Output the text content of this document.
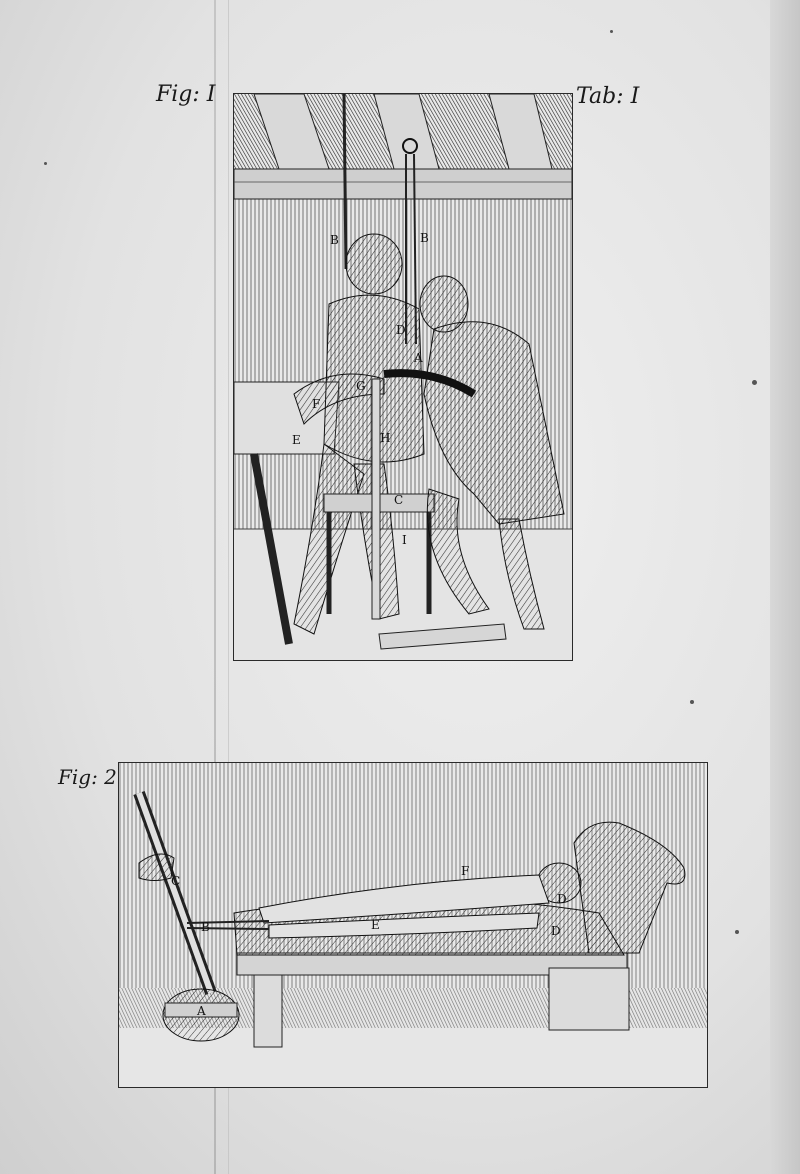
Fig: I	Tab: I
Fig: 2
B	B
A
D
G
F
E	H
C
I
C
B
A
D
D
E
F
